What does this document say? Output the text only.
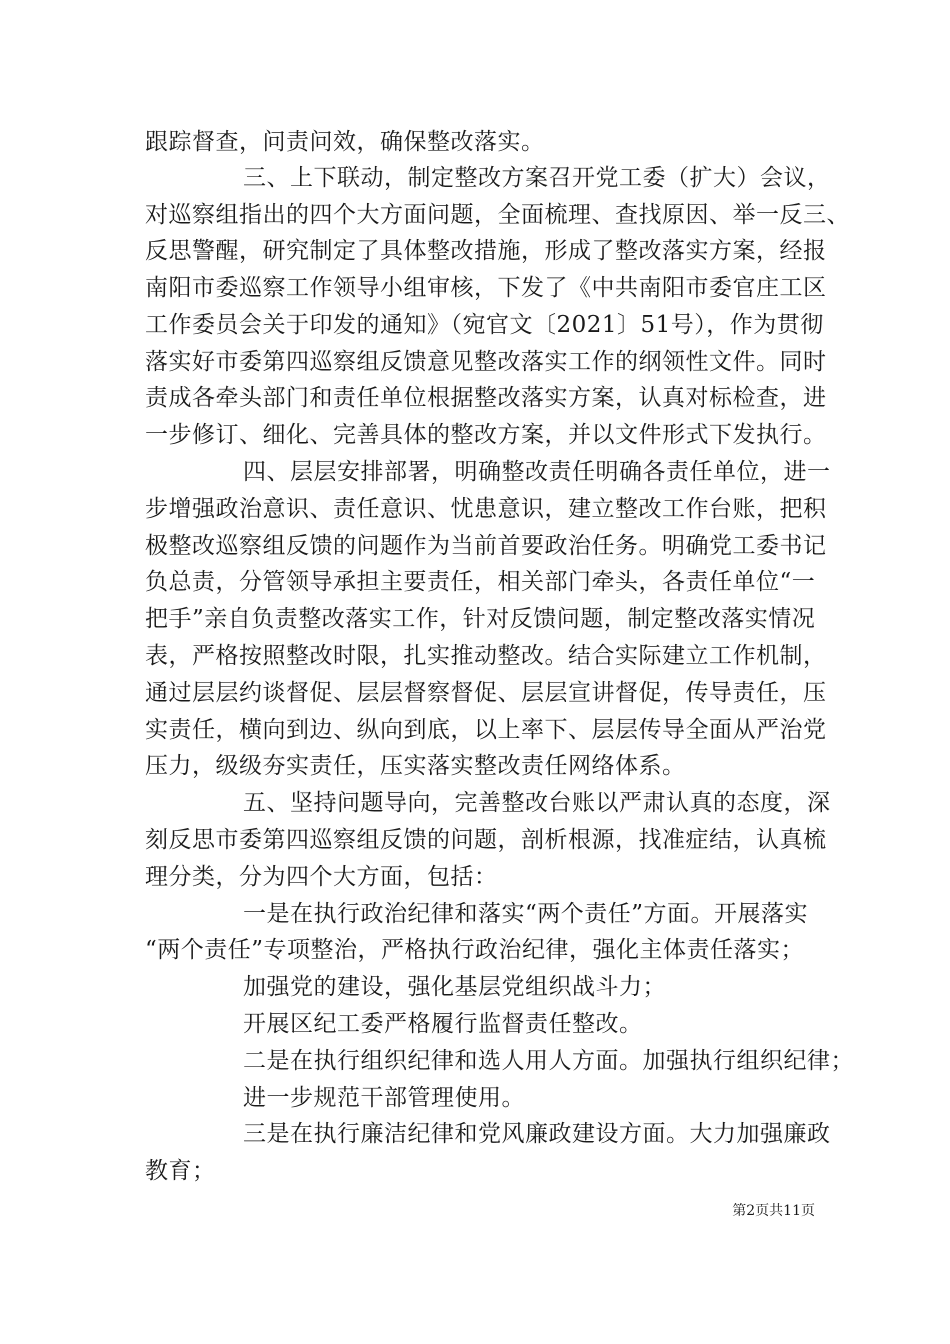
跟踪督查，问责问效，确保整改落实。
三、上下联动，制定整改方案召开党工委（扩大）会议，
对巡察组指出的四个大方面问题，全面梳理、查找原因、举一反三、
反思警醒，研究制定了具体整改措施，形成了整改落实方案，经报
南阳市委巡察工作领导小组审核，下发了《中共南阳市委官庄工区
工作委员会关于印发的通知》（宛官文〔2021〕51号），作为贯彻
落实好市委第四巡察组反馈意见整改落实工作的纲领性文件。同时
责成各牵头部门和责任单位根据整改落实方案，认真对标检查，进
一步修订、细化、完善具体的整改方案，并以文件形式下发执行。
四、层层安排部署，明确整改责任明确各责任单位，进一
步增强政治意识、责任意识、忧患意识，建立整改工作台账，把积
极整改巡察组反馈的问题作为当前首要政治任务。明确党工委书记
负总责，分管领导承担主要责任，相关部门牵头，各责任单位“一
把手”亲自负责整改落实工作，针对反馈问题，制定整改落实情况
表，严格按照整改时限，扎实推动整改。结合实际建立工作机制，
通过层层约谈督促、层层督察督促、层层宣讲督促，传导责任，压
实责任，横向到边、纵向到底，以上率下、层层传导全面从严治党
压力，级级夯实责任，压实落实整改责任网络体系。
五、坚持问题导向，完善整改台账以严肃认真的态度，深
刻反思市委第四巡察组反馈的问题，剖析根源，找准症结，认真梳
理分类，分为四个大方面，包括：
一是在执行政治纪律和落实“两个责任”方面。开展落实
“两个责任”专项整治，严格执行政治纪律，强化主体责任落实；
加强党的建设，强化基层党组织战斗力；
开展区纪工委严格履行监督责任整改。
二是在执行组织纪律和选人用人方面。加强执行组织纪律；
进一步规范干部管理使用。
三是在执行廉洁纪律和党风廉政建设方面。大力加强廉政
教育；
第2页共11页
